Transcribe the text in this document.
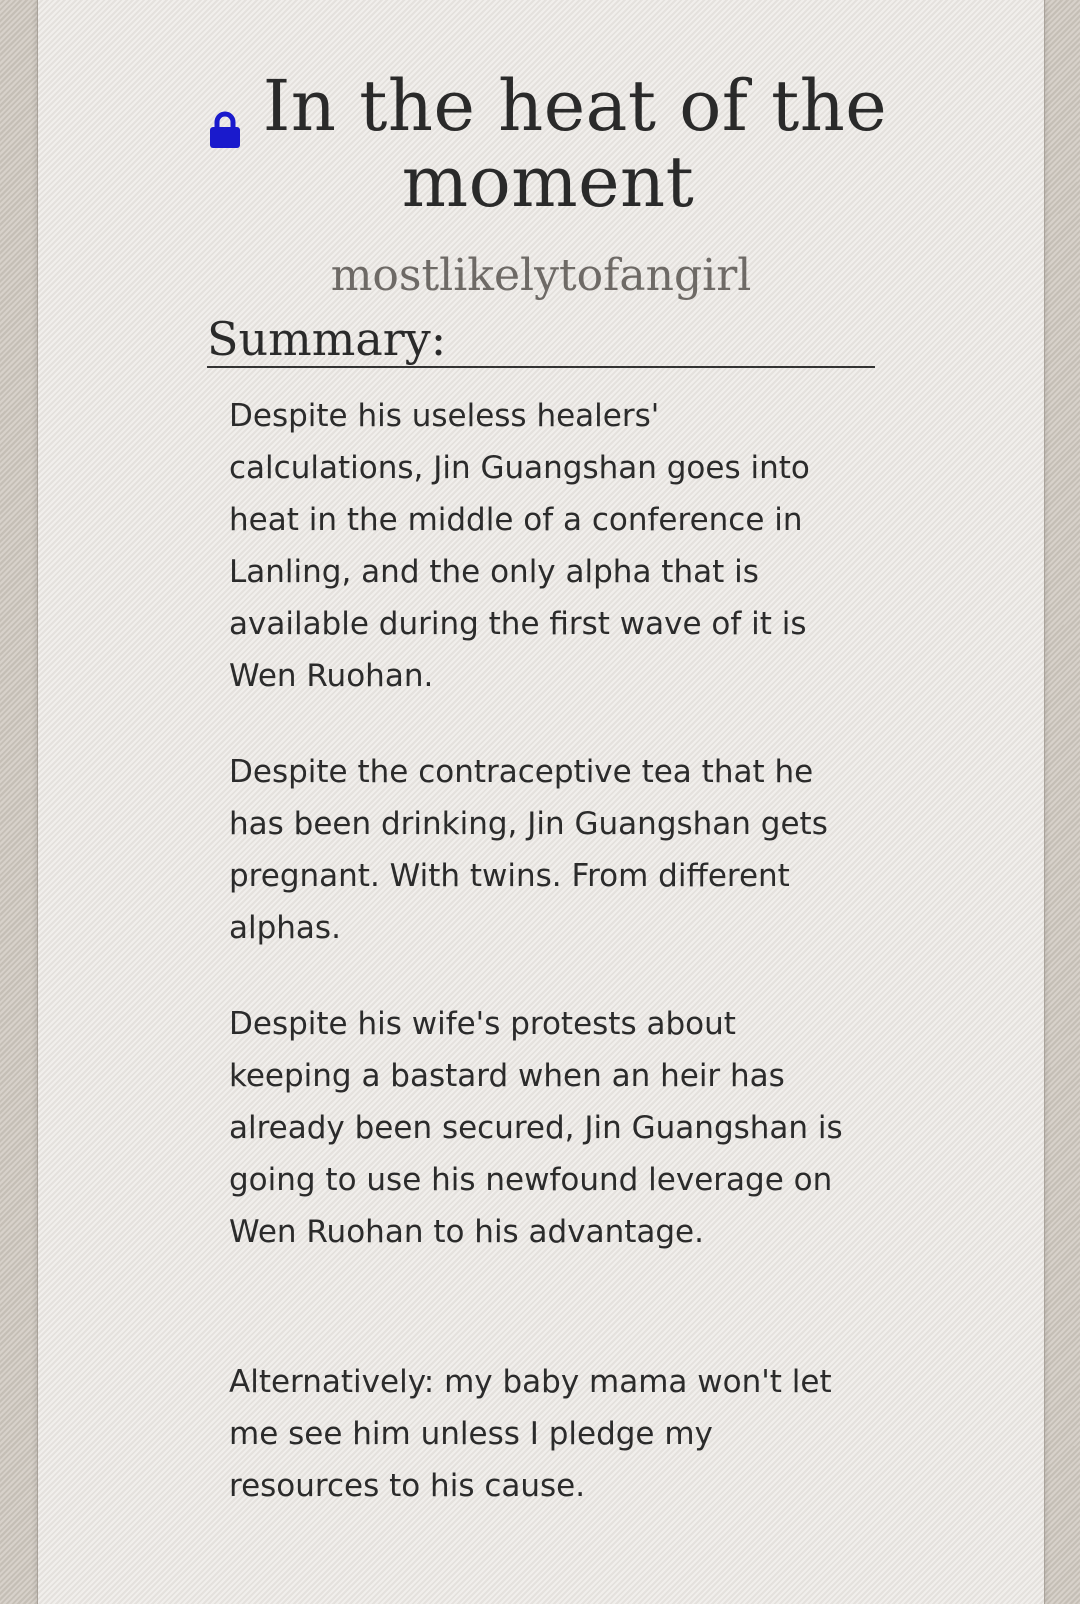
In the heat of the moment
mostlikelytofangirl
Summary:

Despite his useless healers' calculations, Jin Guangshan goes into heat in the middle of a conference in Lanling, and the only alpha that is available during the first wave of it is Wen Ruohan.

Despite the contraceptive tea that he has been drinking, Jin Guangshan gets pregnant. With twins. From different alphas.

Despite his wife's protests about keeping a bastard when an heir has already been secured, Jin Guangshan is going to use his newfound leverage on Wen Ruohan to his advantage.

Alternatively: my baby mama won't let me see him unless I pledge my resources to his cause.
